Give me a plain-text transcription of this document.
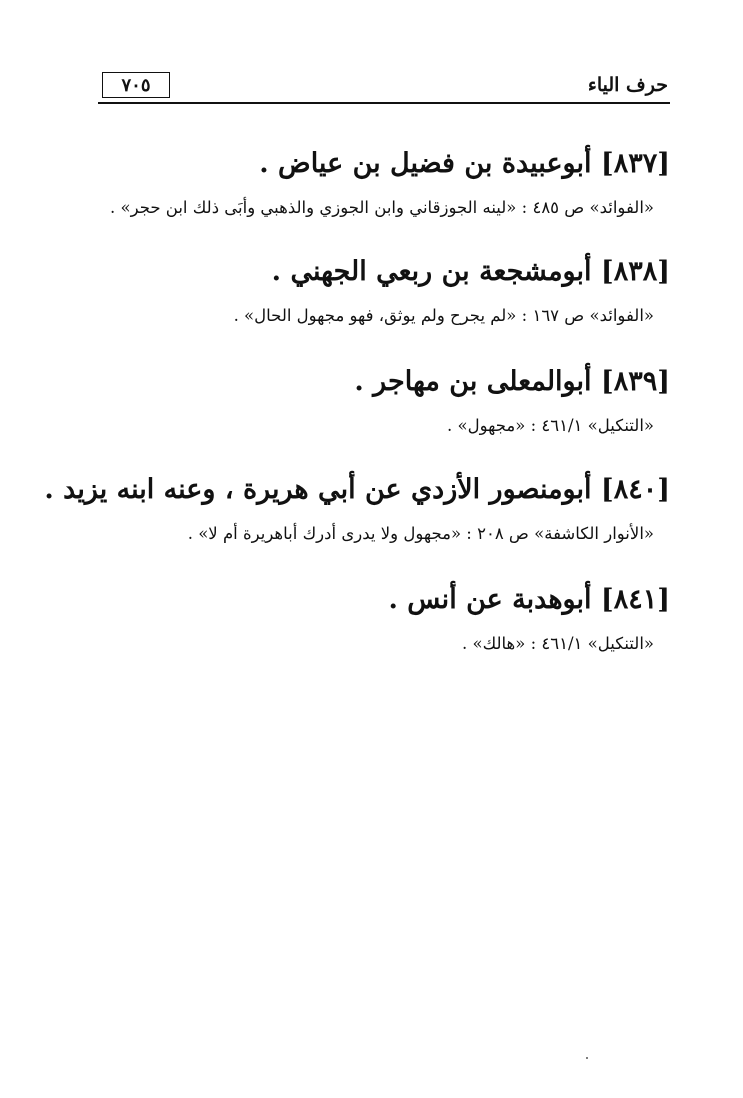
٧٠٥	حرف الياء

[٨٣٧] أبوعبيدة بن فضيل بن عياض .

«الفوائد» ص ٤٨٥ : «لينه الجوزقاني وابن الجوزي والذهبي وأبَى ذلك ابن حجر» .

[٨٣٨] أبومشجعة بن ربعي الجهني .

«الفوائد» ص ١٦٧ : «لم يجرح ولم يوثق، فهو مجهول الحال» .

[٨٣٩] أبوالمعلى بن مهاجر .

«التنكيل» ٤٦١/١ : «مجهول» .

[٨٤٠] أبومنصور الأزدي عن أبي هريرة ، وعنه ابنه يزيد .

«الأنوار الكاشفة» ص ٢٠٨ : «مجهول ولا يدرى أدرك أباهريرة أم لا» .

[٨٤١] أبوهدبة عن أنس .

«التنكيل» ٤٦١/١ : «هالك» .
